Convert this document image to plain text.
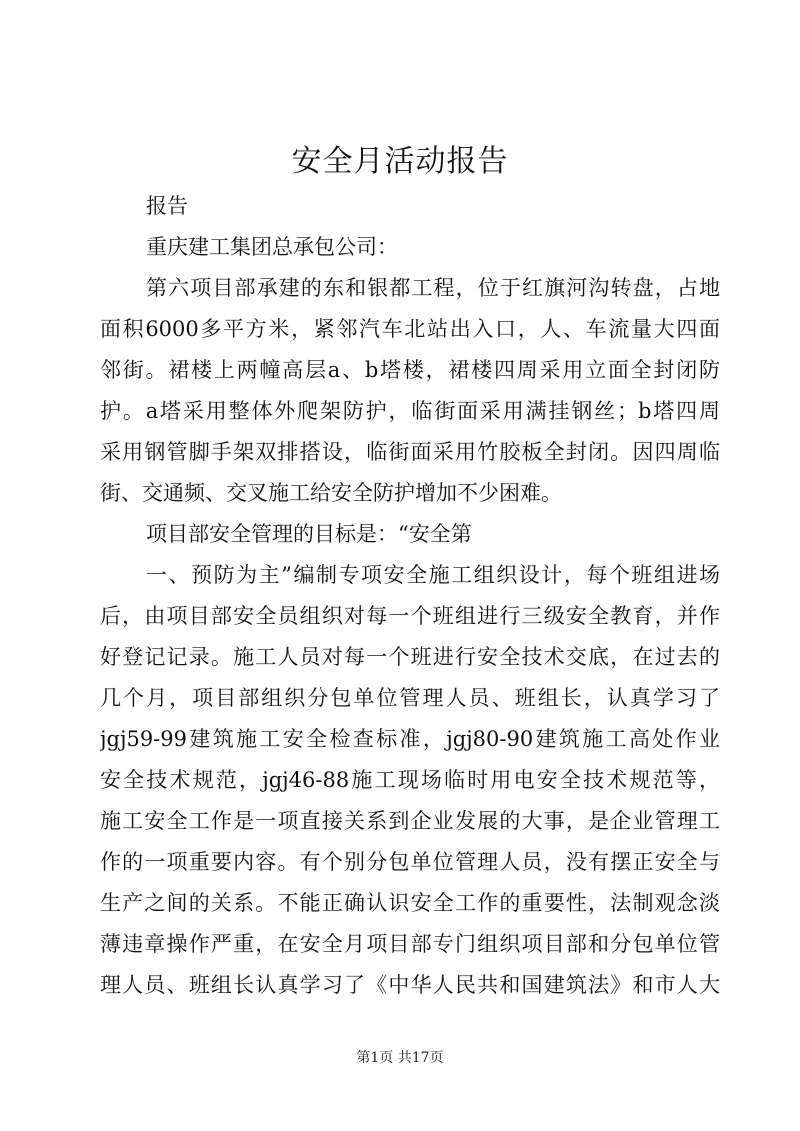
安全月活动报告

报告

重庆建工集团总承包公司：

第六项目部承建的东和银都工程，位于红旗河沟转盘，占地

面积6000多平方米，紧邻汽车北站出入口，人、车流量大四面

邻街。裙楼上两幢高层a、b塔楼，裙楼四周采用立面全封闭防

护。a塔采用整体外爬架防护，临街面采用满挂钢丝；b塔四周

采用钢管脚手架双排搭设，临街面采用竹胶板全封闭。因四周临

街、交通频、交叉施工给安全防护增加不少困难。

项目部安全管理的目标是：“安全第

一、预防为主”编制专项安全施工组织设计，每个班组进场

后，由项目部安全员组织对每一个班组进行三级安全教育，并作

好登记记录。施工人员对每一个班进行安全技术交底，在过去的

几个月，项目部组织分包单位管理人员、班组长，认真学习了

jgj59-99建筑施工安全检查标准，jgj80-90建筑施工高处作业

安全技术规范，jgj46-88施工现场临时用电安全技术规范等，

施工安全工作是一项直接关系到企业发展的大事，是企业管理工

作的一项重要内容。有个别分包单位管理人员，没有摆正安全与

生产之间的关系。不能正确认识安全工作的重要性，法制观念淡

薄违章操作严重，在安全月项目部专门组织项目部和分包单位管

理人员、班组长认真学习了《中华人民共和国建筑法》和市人大

第1页 共17页
